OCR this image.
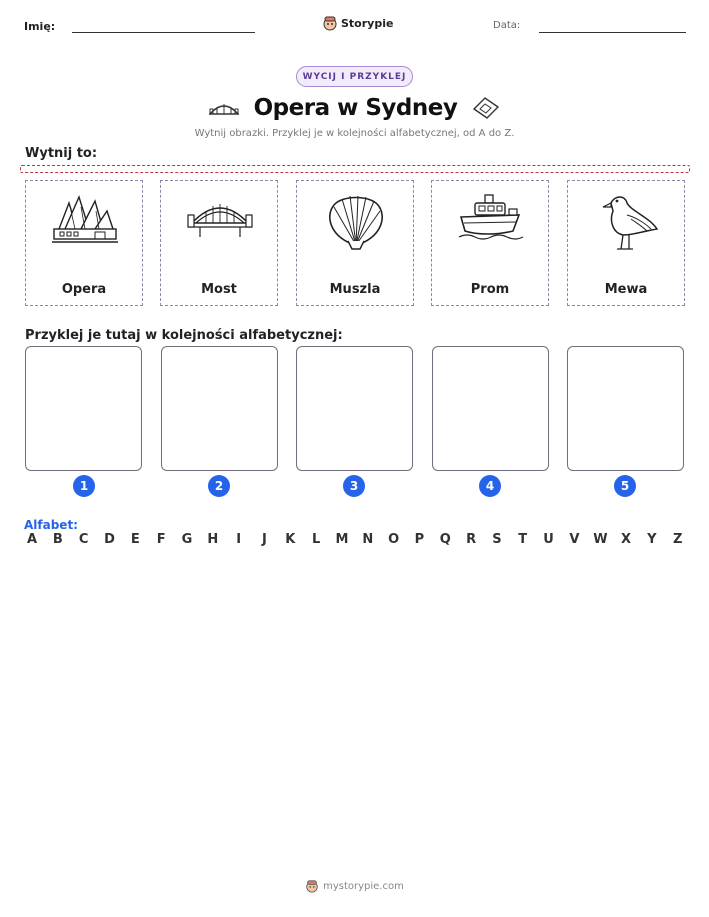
Imię:	Storypie	Data:
WYCIJ I PRZYKLEJ
Opera w Sydney
Wytnij obrazki. Przyklej je w kolejności alfabetycznej, od A do Z.
Wytnij to:
Opera	Most	Muszla	Prom	Mewa
Przyklej je tutaj w kolejności alfabetycznej:
1	2	3	4	5
Alfabet:
A B C D E F G H	I	J	K L M N O P Q R S T U V W X Y Z
mystorypie.com
